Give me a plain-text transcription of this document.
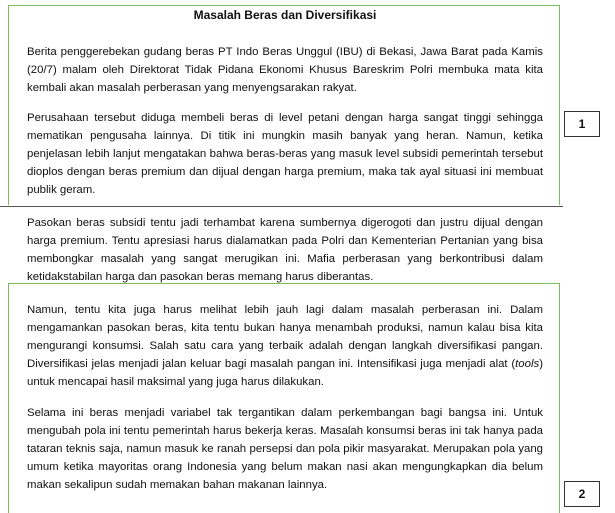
Masalah Beras dan Diversifikasi

Berita penggerebekan gudang beras PT Indo Beras Unggul (IBU) di Bekasi, Jawa Barat pada Kamis (20/7) malam oleh Direktorat Tidak Pidana Ekonomi Khusus Bareskrim Polri membuka mata kita kembali akan masalah perberasan yang menyengsarakan rakyat.

Perusahaan tersebut diduga membeli beras di level petani dengan harga sangat tinggi sehingga mematikan pengusaha lainnya. Di titik ini mungkin masih banyak yang heran. Namun, ketika penjelasan lebih lanjut mengatakan bahwa beras-beras yang masuk level subsidi pemerintah tersebut dioplos dengan beras premium dan dijual dengan harga premium, maka tak ayal situasi ini membuat publik geram.

Pasokan beras subsidi tentu jadi terhambat karena sumbernya digerogoti dan justru dijual dengan harga premium. Tentu apresiasi harus dialamatkan pada Polri dan Kementerian Pertanian yang bisa membongkar masalah yang sangat merugikan ini. Mafia perberasan yang berkontribusi dalam ketidakstabilan harga dan pasokan beras memang harus diberantas.

Namun, tentu kita juga harus melihat lebih jauh lagi dalam masalah perberasan ini. Dalam mengamankan pasokan beras, kita tentu bukan hanya menambah produksi, namun kalau bisa kita mengurangi konsumsi. Salah satu cara yang terbaik adalah dengan langkah diversifikasi pangan. Diversifikasi jelas menjadi jalan keluar bagi masalah pangan ini. Intensifikasi juga menjadi alat (tools) untuk mencapai hasil maksimal yang juga harus dilakukan.

Selama ini beras menjadi variabel tak tergantikan dalam perkembangan bagi bangsa ini. Untuk mengubah pola ini tentu pemerintah harus bekerja keras. Masalah konsumsi beras ini tak hanya pada tataran teknis saja, namun masuk ke ranah persepsi dan pola pikir masyarakat. Merupakan pola yang umum ketika mayoritas orang Indonesia yang belum makan nasi akan mengungkapkan dia belum makan sekalipun sudah memakan bahan makanan lainnya.

1
2
